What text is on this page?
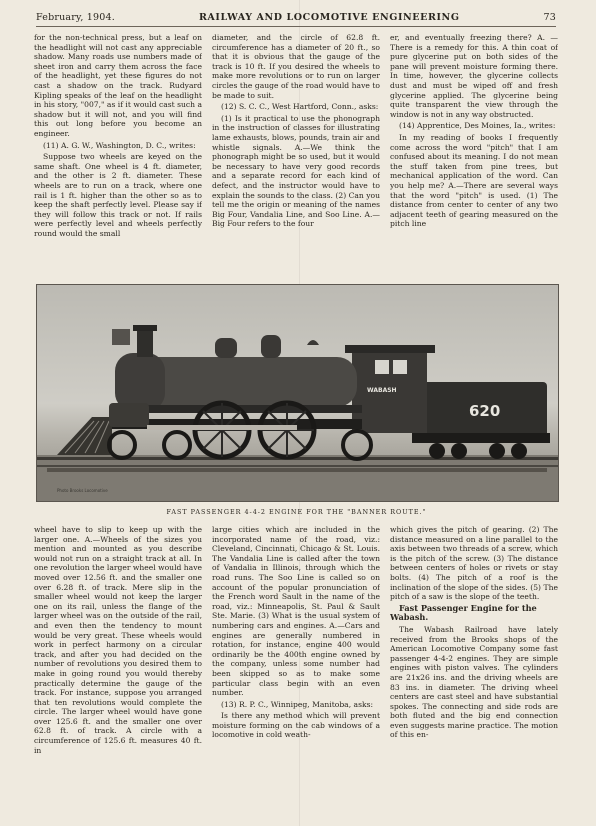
February, 1904.	RAILWAY AND LOCOMOTIVE ENGINEERING	73

for the non-technical press, but a leaf on the headlight will not cast any appreciable shadow. Many roads use numbers made of sheet iron and carry them across the face of the headlight, yet these figures do not cast a shadow on the track. Rudyard Kipling speaks of the leaf on the headlight in his story, "007," as if it would cast such a shadow but it will not, and you will find this out long before you become an engineer.

(11) A. G. W., Washington, D. C., writes:

Suppose two wheels are keyed on the same shaft. One wheel is 4 ft. diameter, and the other is 2 ft. diameter. These wheels are to run on a track, where one rail is 1 ft. higher than the other so as to keep the shaft perfectly level. Please say if they will follow this track or not. If rails were perfectly level and wheels perfectly round would the small

diameter, and the circle of 62.8 ft. circumference has a diameter of 20 ft., so that it is obvious that the gauge of the track is 10 ft. If you desired the wheels to make more revolutions or to run on larger circles the gauge of the road would have to be made to suit.

(12) S. C. C., West Hartford, Conn., asks:

(1) Is it practical to use the phonograph in the instruction of classes for illustrating lame exhausts, blows, pounds, train air and whistle signals. A.—We think the phonograph might be so used, but it would be necessary to have very good records and a separate record for each kind of defect, and the instructor would have to explain the sounds to the class. (2) Can you tell me the origin or meaning of the names Big Four, Vandalia Line, and Soo Line. A.—Big Four refers to the four

er, and eventually freezing there? A. —There is a remedy for this. A thin coat of pure glycerine put on both sides of the pane will prevent moisture forming there. In time, however, the glycerine collects dust and must be wiped off and fresh glycerine applied. The glycerine being quite transparent the view through the window is not in any way obstructed.

(14) Apprentice, Des Moines, Ia., writes:

In my reading of books I frequently come across the word "pitch" that I am confused about its meaning. I do not mean the stuff taken from pine trees, but mechanical application of the word. Can you help me? A.—There are several ways that the word "pitch" is used. (1) The distance from center to center of any two adjacent teeth of gearing measured on the pitch line

620
WABASH
Photo Brooks Locomotive
FAST PASSENGER 4-4-2 ENGINE FOR THE "BANNER ROUTE."

wheel have to slip to keep up with the larger one. A.—Wheels of the sizes you mention and mounted as you describe would not run on a straight track at all. In one revolution the larger wheel would have moved over 12.56 ft. and the smaller one over 6.28 ft. of track. Mere slip in the smaller wheel would not keep the larger one on its rail, unless the flange of the larger wheel was on the outside of the rail, and even then the tendency to mount would be very great. These wheels would work in perfect harmony on a circular track, and after you had decided on the number of revolutions you desired them to make in going round you would thereby practically determine the gauge of the track. For instance, suppose you arranged that ten revolutions would complete the circle. The larger wheel would have gone over 125.6 ft. and the smaller one over 62.8 ft. of track. A circle with a circumference of 125.6 ft. measures 40 ft. in

large cities which are included in the incorporated name of the road, viz.: Cleveland, Cincinnati, Chicago & St. Louis. The Vandalia Line is called after the town of Vandalia in Illinois, through which the road runs. The Soo Line is called so on account of the popular pronunciation of the French word Sault in the name of the road, viz.: Minneapolis, St. Paul & Sault Ste. Marie. (3) What is the usual system of numbering cars and engines. A.—Cars and engines are generally numbered in rotation, for instance, engine 400 would ordinarily be the 400th engine owned by the company, unless some number had been skipped so as to make some particular class begin with an even number.

(13) R. P. C., Winnipeg, Manitoba, asks:

Is there any method which will prevent moisture forming on the cab windows of a locomotive in cold weath-

which gives the pitch of gearing. (2) The distance measured on a line parallel to the axis between two threads of a screw, which is the pitch of the screw. (3) The distance between centers of holes or rivets or stay bolts. (4) The pitch of a roof is the inclination of the slope of the sides. (5) The pitch of a saw is the slope of the teeth.

Fast Passenger Engine for the Wabash.

The Wabash Railroad have lately received from the Brooks shops of the American Locomotive Company some fast passenger 4-4-2 engines. They are simple engines with piston valves. The cylinders are 21x26 ins. and the driving wheels are 83 ins. in diameter. The driving wheel centers are cast steel and have substantial spokes. The connecting and side rods are both fluted and the big end connection even suggests marine practice. The motion of this en-
